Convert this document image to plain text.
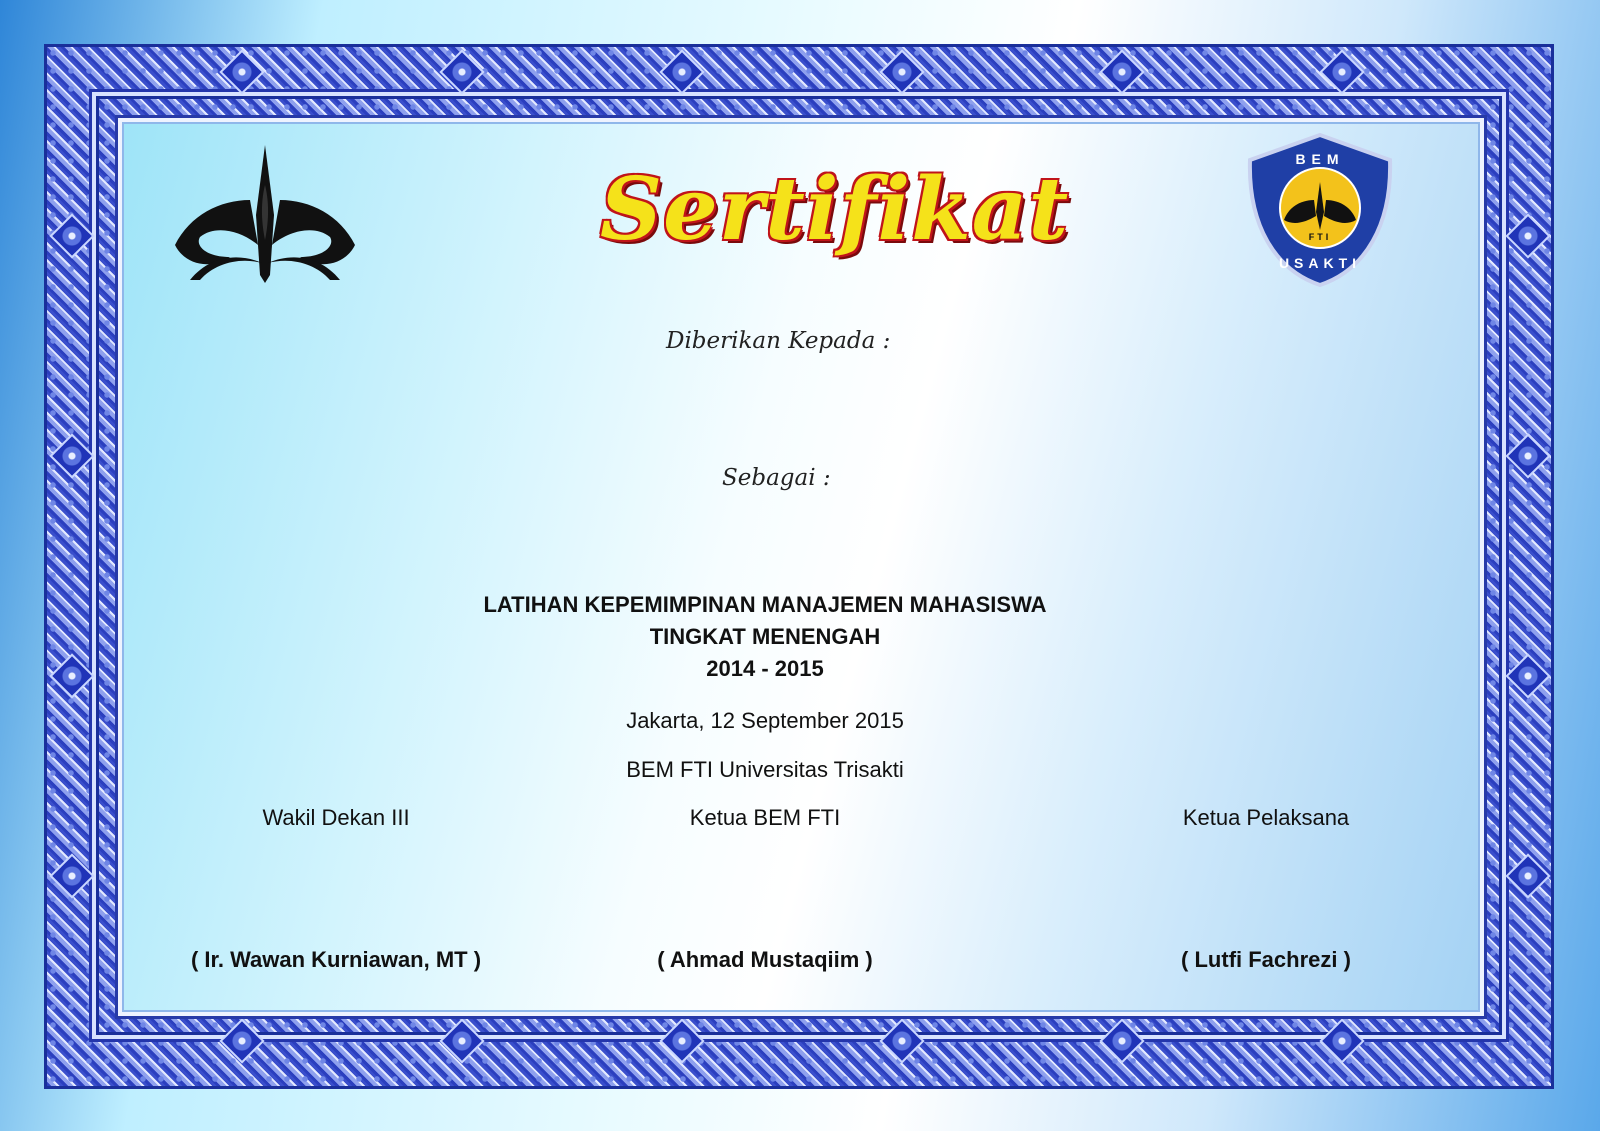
Sertifikat	BEM
FTI
USAKTI
Diberikan Kepada :
Sebagai :
LATIHAN KEPEMIMPINAN MANAJEMEN MAHASISWA
TINGKAT MENENGAH
2014 - 2015
Jakarta, 12 September 2015
BEM FTI Universitas Trisakti
Wakil Dekan III	Ketua BEM FTI	Ketua Pelaksana
( Ir. Wawan Kurniawan, MT )	( Ahmad Mustaqiim )	( Lutfi Fachrezi )
